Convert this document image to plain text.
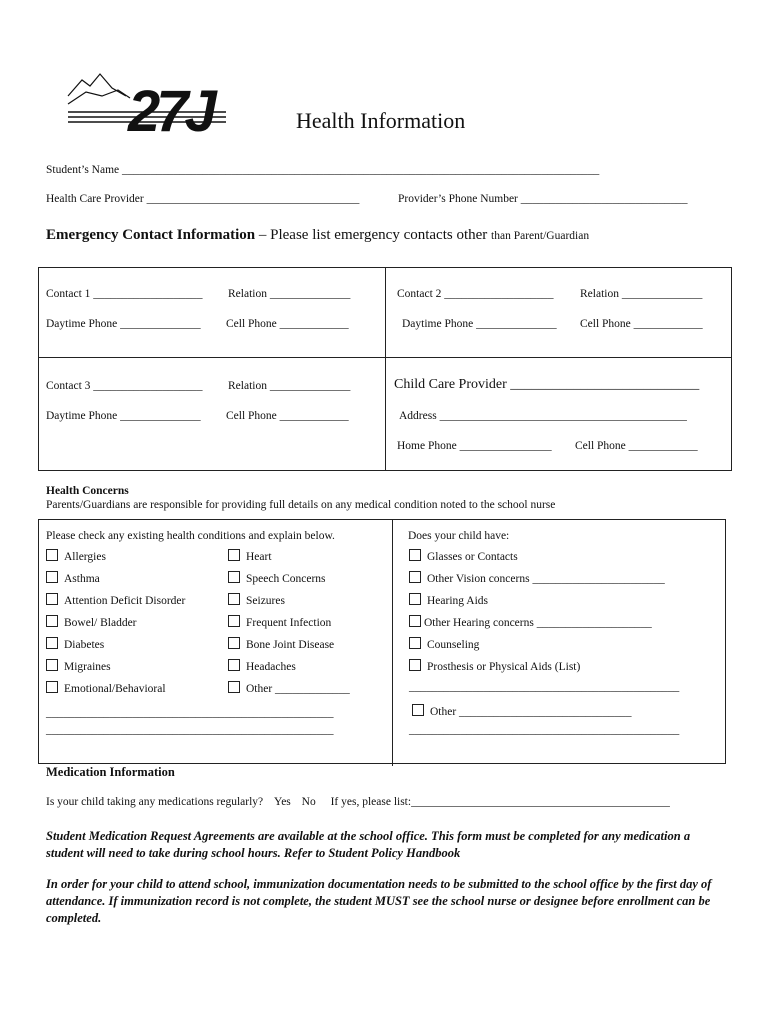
27J	Health Information
Student’s Name ___________________________________________________________________________________
Health Care Provider _____________________________________	Provider’s Phone Number _____________________________
Emergency Contact Information – Please list emergency contacts other than Parent/Guardian
Contact 1 ___________________ Relation ______________
Daytime Phone ______________ Cell Phone ____________
Contact 2 ___________________ Relation ______________
Daytime Phone ______________ Cell Phone ____________
Contact 3 ___________________ Relation ______________
Daytime Phone ______________ Cell Phone ____________
Child Care Provider ___________________________
Address ___________________________________________
Home Phone ________________ Cell Phone ____________
Health Concerns
Parents/Guardians are responsible for providing full details on any medical condition noted to the school nurse
Please check any existing health conditions and explain below.
Allergies
Asthma
Attention Deficit Disorder
Bowel/ Bladder
Diabetes
Migraines
Emotional/Behavioral
Heart
Speech Concerns
Seizures
Frequent Infection
Bone Joint Disease
Headaches
Other _____________
__________________________________________________
__________________________________________________
Does your child have:
Glasses or Contacts
Other Vision concerns _______________________
Hearing Aids
Other Hearing concerns ____________________
Counseling
Prosthesis or Physical Aids (List)
_______________________________________________
Other ______________________________
_______________________________________________
Medication Information
Is your child taking any medications regularly? Yes No If yes, please list:_____________________________________________
Student Medication Request Agreements are available at the school office. This form must be completed for any medication a student will need to take during school hours. Refer to Student Policy Handbook
In order for your child to attend school, immunization documentation needs to be submitted to the school office by the first day of attendance. If immunization record is not complete, the student MUST see the school nurse or designee before enrollment can be completed.
